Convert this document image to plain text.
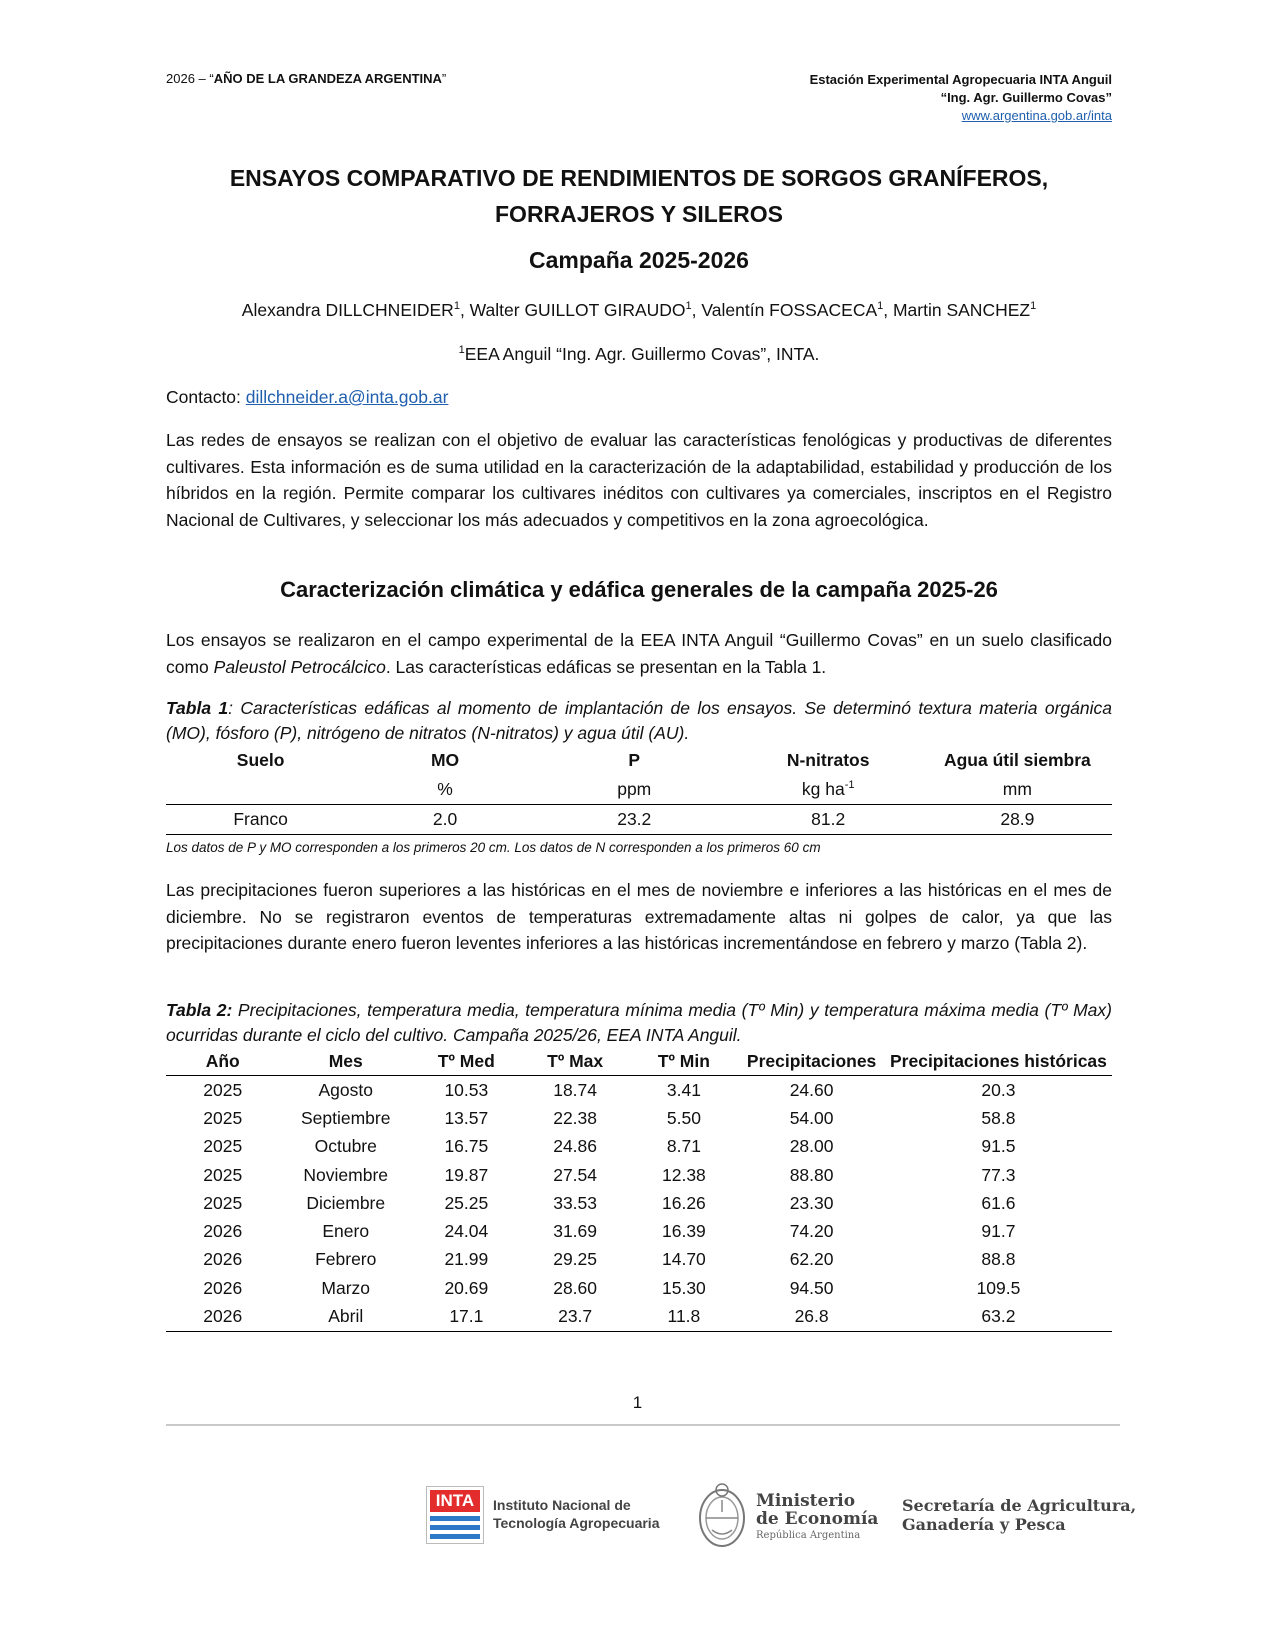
2026 – “AÑO DE LA GRANDEZA ARGENTINA”	Estación Experimental Agropecuaria INTA Anguil
“Ing. Agr. Guillermo Covas”
www.argentina.gob.ar/inta
ENSAYOS COMPARATIVO DE RENDIMIENTOS DE SORGOS GRANÍFEROS,
FORRAJEROS Y SILEROS
Campaña 2025-2026
Alexandra DILLCHNEIDER$^1$, Walter GUILLOT GIRAUDO$^1$, Valentín FOSSACECA$^1$, Martin SANCHEZ$^1$
$^1$EEA Anguil “Ing. Agr. Guillermo Covas”, INTA.
Contacto: dillchneider.a@inta.gob.ar
Las redes de ensayos se realizan con el objetivo de evaluar las características fenológicas y productivas de diferentes cultivares. Esta información es de suma utilidad en la caracterización de la adaptabilidad, estabilidad y producción de los híbridos en la región. Permite comparar los cultivares inéditos con cultivares ya comerciales, inscriptos en el Registro Nacional de Cultivares, y seleccionar los más adecuados y competitivos en la zona agroecológica.
Caracterización climática y edáfica generales de la campaña 2025-26
Los ensayos se realizaron en el campo experimental de la EEA INTA Anguil “Guillermo Covas” en un suelo clasificado como Paleustol Petrocálcico. Las características edáficas se presentan en la Tabla 1.
Tabla 1: Características edáficas al momento de implantación de los ensayos. Se determinó textura materia orgánica (MO), fósforo (P), nitrógeno de nitratos (N-nitratos) y agua útil (AU).
Suelo	MO	P	N-nitratos	Agua útil siembra
	%	ppm	kg $ha^{-1}$	mm
Franco	2.0	23.2	81.2	28.9
Los datos de P y MO corresponden a los primeros 20 cm. Los datos de N corresponden a los primeros 60 cm
Las precipitaciones fueron superiores a las históricas en el mes de noviembre e inferiores a las históricas en el mes de diciembre. No se registraron eventos de temperaturas extremadamente altas ni golpes de calor, ya que las precipitaciones durante enero fueron leventes inferiores a las históricas incrementándose en febrero y marzo (Tabla 2).
Tabla 2: Precipitaciones, temperatura media, temperatura mínima media (Tº Min) y temperatura máxima media (Tº Max) ocurridas durante el ciclo del cultivo. Campaña 2025/26, EEA INTA Anguil.
Año	Mes	Tº Med	Tº Max	Tº Min	Precipitaciones	Precipitaciones históricas
2025	Agosto	10.53	18.74	3.41	24.60	20.3
2025	Septiembre	13.57	22.38	5.50	54.00	58.8
2025	Octubre	16.75	24.86	8.71	28.00	91.5
2025	Noviembre	19.87	27.54	12.38	88.80	77.3
2025	Diciembre	25.25	33.53	16.26	23.30	61.6
2026	Enero	24.04	31.69	16.39	74.20	91.7
2026	Febrero	21.99	29.25	14.70	62.20	88.8
2026	Marzo	20.69	28.60	15.30	94.50	109.5
2026	Abril	17.1	23.7	11.8	26.8	63.2
1
INTA	Instituto Nacional de
Tecnología Agropecuaria
Ministerio
de Economía
República Argentina
Secretaría de Agricultura,
Ganadería y Pesca
